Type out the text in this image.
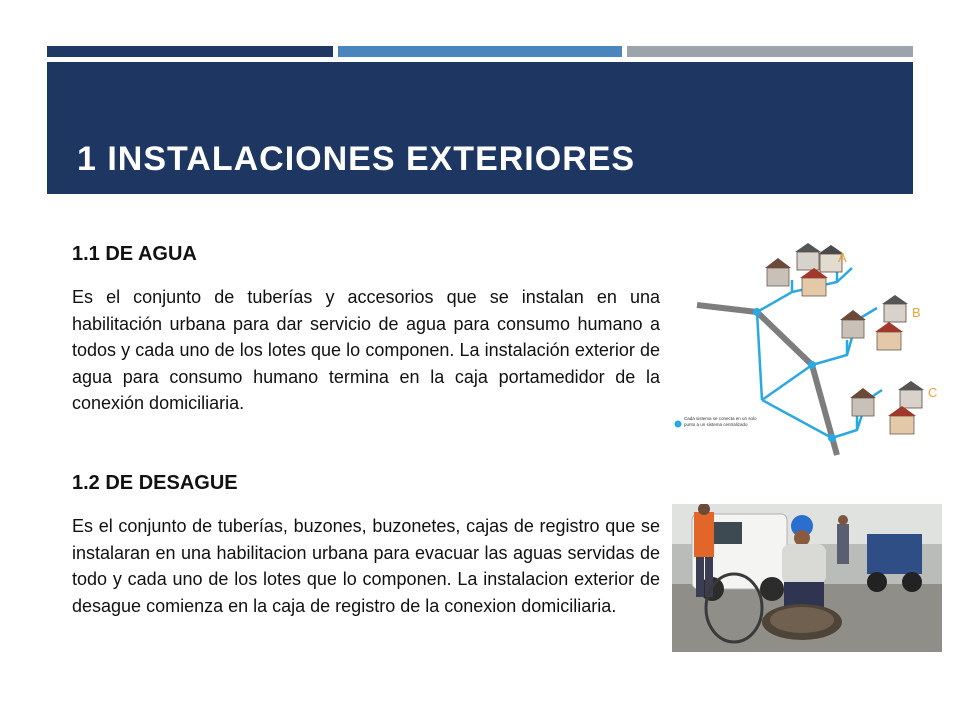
1 INSTALACIONES EXTERIORES
1.1 DE AGUA

Es el conjunto de tuberías y accesorios que se instalan en una habilitación urbana para dar servicio de agua para consumo humano a todos y cada uno de los lotes que lo componen. La instalación exterior de agua para consumo humano termina en la caja portamedidor de la conexión domiciliaria.

1.2 DE DESAGUE

Es el conjunto de tuberías, buzones, buzonetes, cajas de registro que se instalaran en una habilitacion urbana para evacuar las aguas servidas de todo y cada uno de los lotes que lo componen. La instalacion exterior de desague comienza en la caja de registro de la conexion domiciliaria.

A
B
C
Cada sistema se conecta en un solo punto a un sistema centralizado
